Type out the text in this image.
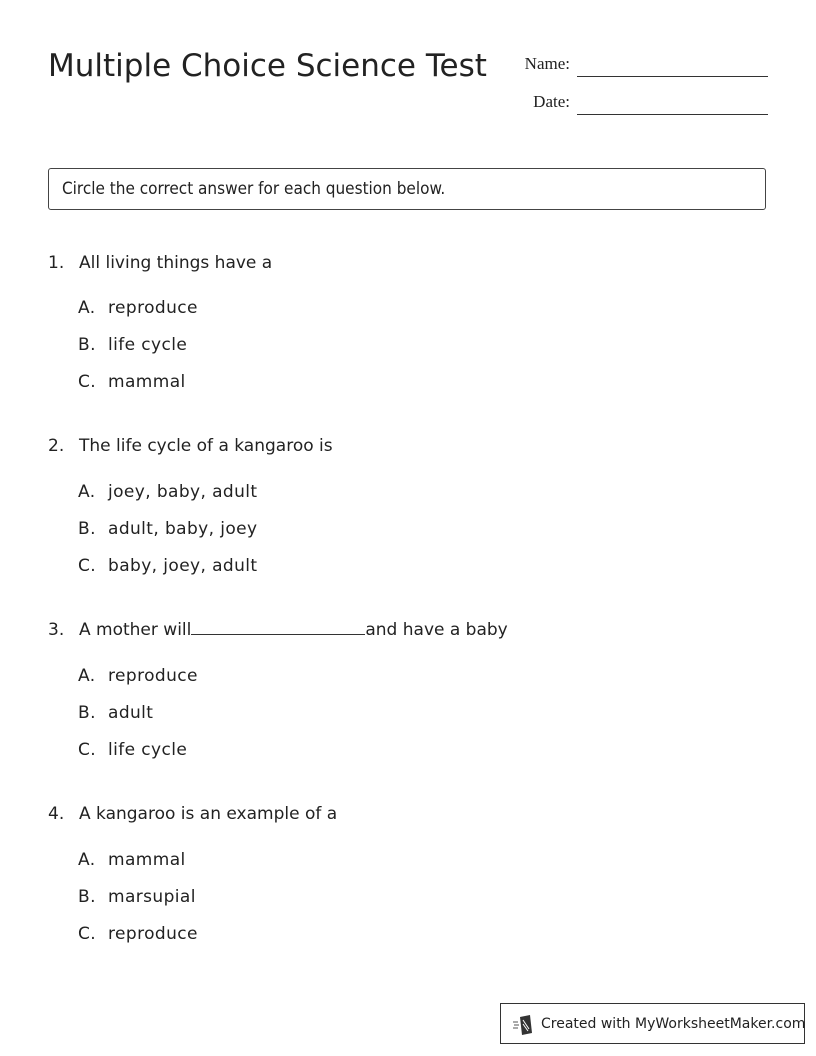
Multiple Choice Science Test Name:
Date:
Circle the correct answer for each question below.
1. All living things have a
A. reproduce
B. life cycle
C. mammal
2. The life cycle of a kangaroo is
A. joey, baby, adult
B. adult, baby, joey
C. baby, joey, adult
3. A mother will	and have a baby
A. reproduce
B. adult
C. life cycle
4. A kangaroo is an example of a
A. mammal
B. marsupial
C. reproduce
Created with MyWorksheetMaker.com
